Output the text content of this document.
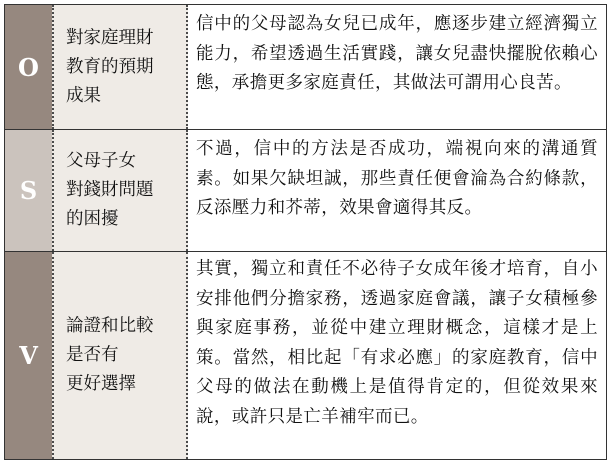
O
對家庭理財
教育的預期
成果
信中的父母認為女兒已成年，應逐步建立經濟獨立能力，希望透過生活實踐，讓女兒盡快擺脫依賴心態，承擔更多家庭責任，其做法可謂用心良苦。
S
父母子女
對錢財問題
的困擾
不過，信中的方法是否成功，端視向來的溝通質素。如果欠缺坦誠，那些責任便會淪為合約條款，反添壓力和芥蒂，效果會適得其反。
V
論證和比較
是否有
更好選擇
其實，獨立和責任不必待子女成年後才培育，自小安排他們分擔家務，透過家庭會議，讓子女積極參與家庭事務，並從中建立理財概念，這樣才是上策。當然，相比起「有求必應」的家庭教育，信中父母的做法在動機上是值得肯定的，但從效果來說，或許只是亡羊補牢而已。
